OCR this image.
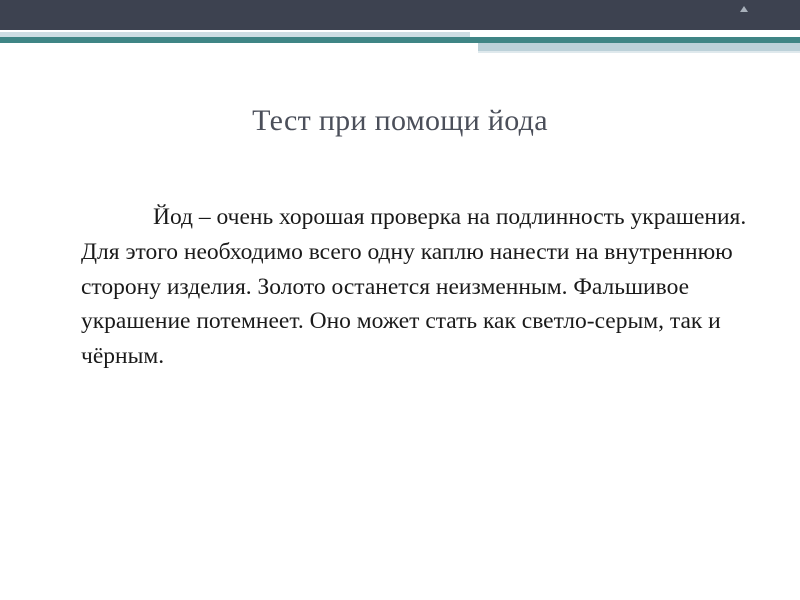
Тест при помощи йода

Йод – очень хорошая проверка на подлинность украшения. Для этого необходимо всего одну каплю нанести на внутреннюю сторону изделия. Золото останется неизменным. Фальшивое украшение потемнеет. Оно может стать как светло-серым, так и чёрным.
